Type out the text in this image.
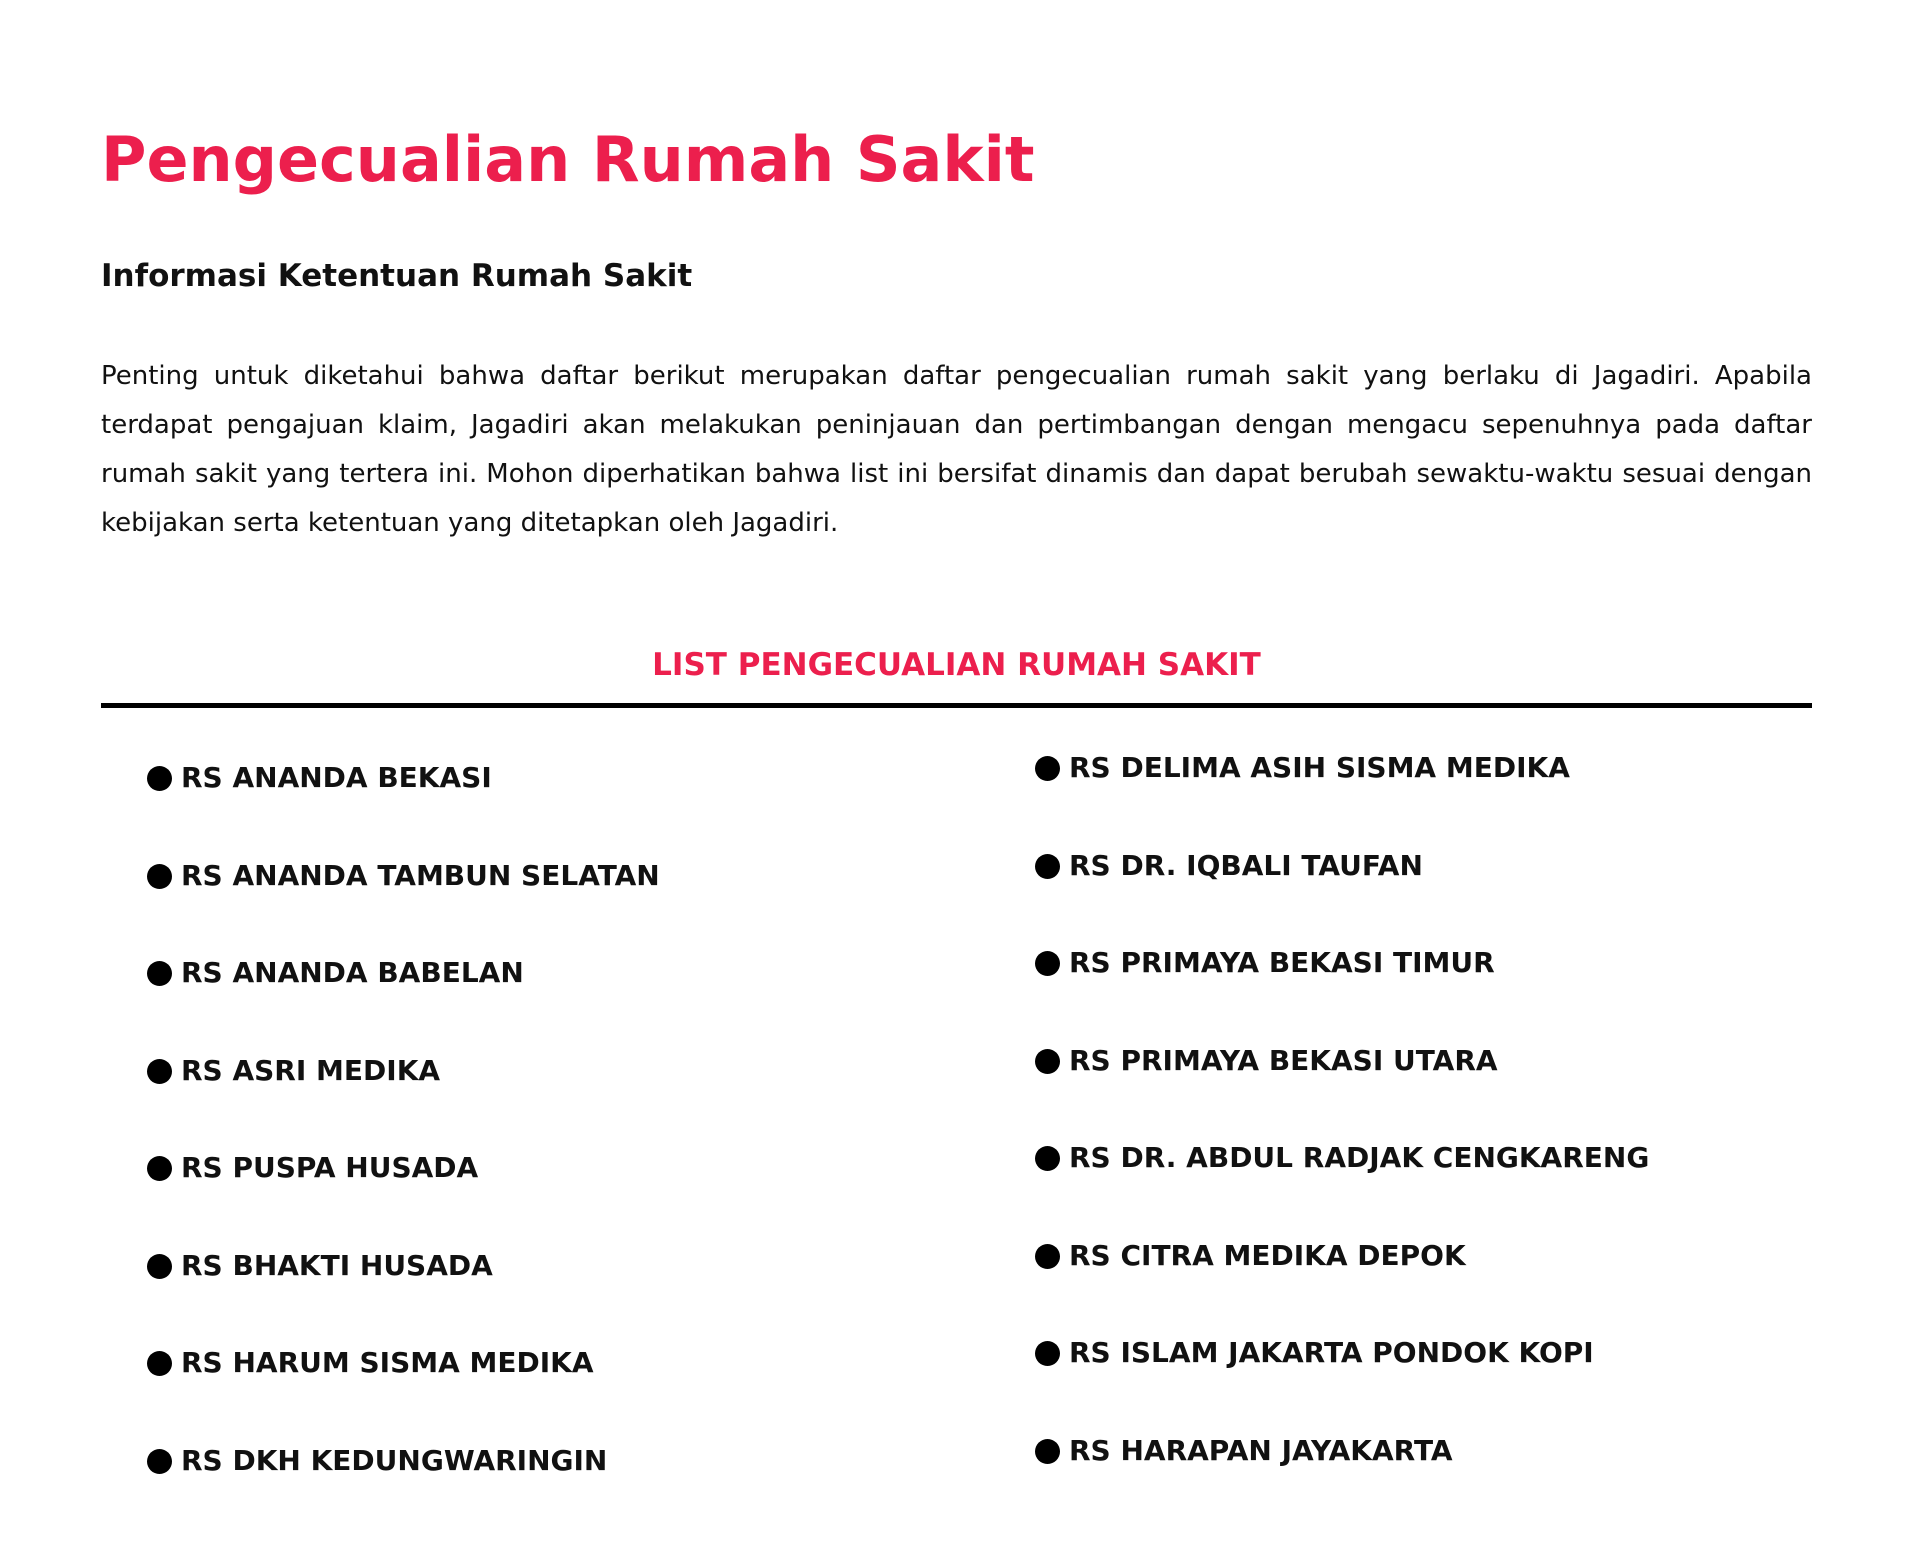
Pengecualian Rumah Sakit
Informasi Ketentuan Rumah Sakit

Penting untuk diketahui bahwa daftar berikut merupakan daftar pengecualian rumah sakit yang berlaku di Jagadiri. Apabila terdapat pengajuan klaim, Jagadiri akan melakukan peninjauan dan pertimbangan dengan mengacu sepenuhnya pada daftar rumah sakit yang tertera ini. Mohon diperhatikan bahwa list ini bersifat dinamis dan dapat berubah sewaktu-waktu sesuai dengan kebijakan serta ketentuan yang ditetapkan oleh Jagadiri.

LIST PENGECUALIAN RUMAH SAKIT
RS ANANDA BEKASI
RS ANANDA TAMBUN SELATAN
RS ANANDA BABELAN
RS ASRI MEDIKA
RS PUSPA HUSADA
RS BHAKTI HUSADA
RS HARUM SISMA MEDIKA
RS DKH KEDUNGWARINGIN
RS DELIMA ASIH SISMA MEDIKA
RS DR. IQBALI TAUFAN
RS PRIMAYA BEKASI TIMUR
RS PRIMAYA BEKASI UTARA
RS DR. ABDUL RADJAK CENGKARENG
RS CITRA MEDIKA DEPOK
RS ISLAM JAKARTA PONDOK KOPI
RS HARAPAN JAYAKARTA
